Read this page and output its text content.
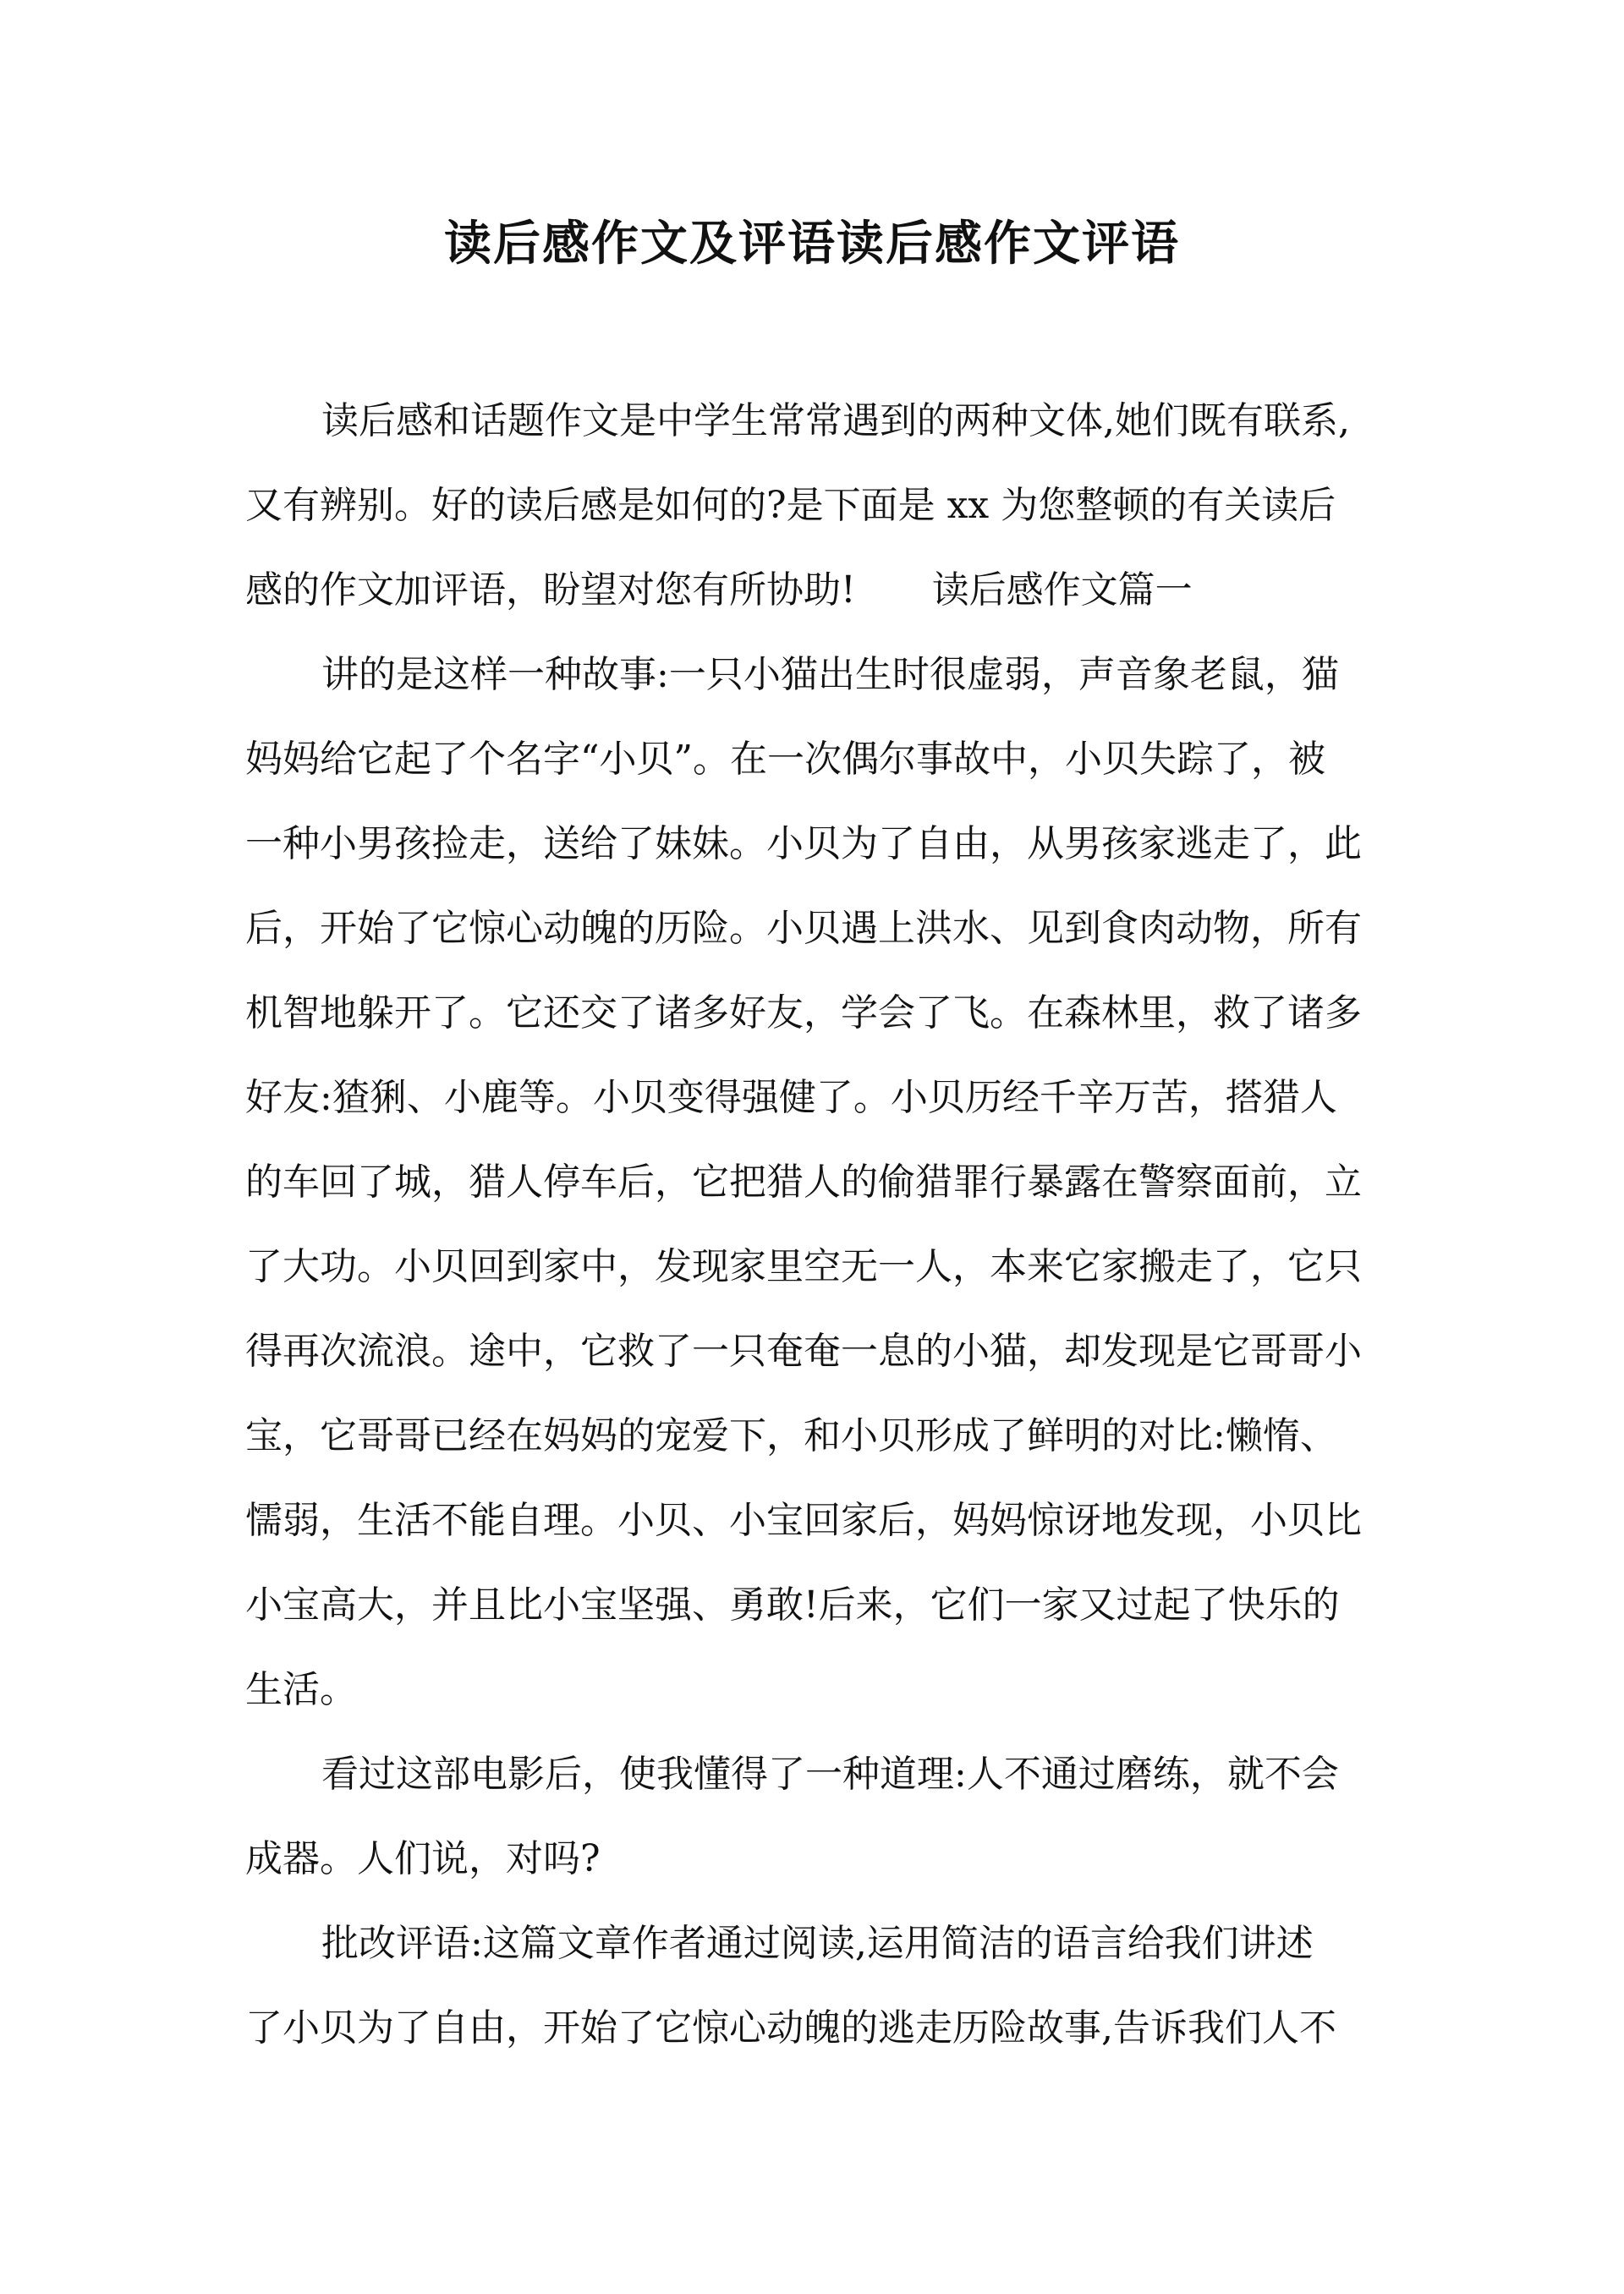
读后感作文及评语读后感作文评语
读后感和话题作文是中学生常常遇到的两种文体,她们既有联系,
又有辨别。好的读后感是如何的?是下面是 xx 为您整顿的有关读后
感的作文加评语，盼望对您有所协助! 读后感作文篇一
讲的是这样一种故事:一只小猫出生时很虚弱，声音象老鼠，猫
妈妈给它起了个名字“小贝”。在一次偶尔事故中，小贝失踪了，被
一种小男孩捡走，送给了妹妹。小贝为了自由，从男孩家逃走了，此
后，开始了它惊心动魄的历险。小贝遇上洪水、见到食肉动物，所有
机智地躲开了。它还交了诸多好友，学会了飞。在森林里，救了诸多
好友:猹猁、小鹿等。小贝变得强健了。小贝历经千辛万苦，搭猎人
的车回了城，猎人停车后，它把猎人的偷猎罪行暴露在警察面前，立
了大功。小贝回到家中，发现家里空无一人，本来它家搬走了，它只
得再次流浪。途中，它救了一只奄奄一息的小猫，却发现是它哥哥小
宝，它哥哥已经在妈妈的宠爱下，和小贝形成了鲜明的对比:懒惰、
懦弱，生活不能自理。小贝、小宝回家后，妈妈惊讶地发现，小贝比
小宝高大，并且比小宝坚强、勇敢!后来，它们一家又过起了快乐的
生活。
看过这部电影后，使我懂得了一种道理:人不通过磨练，就不会
成器。人们说，对吗?
批改评语:这篇文章作者通过阅读,运用简洁的语言给我们讲述
了小贝为了自由，开始了它惊心动魄的逃走历险故事,告诉我们人不
